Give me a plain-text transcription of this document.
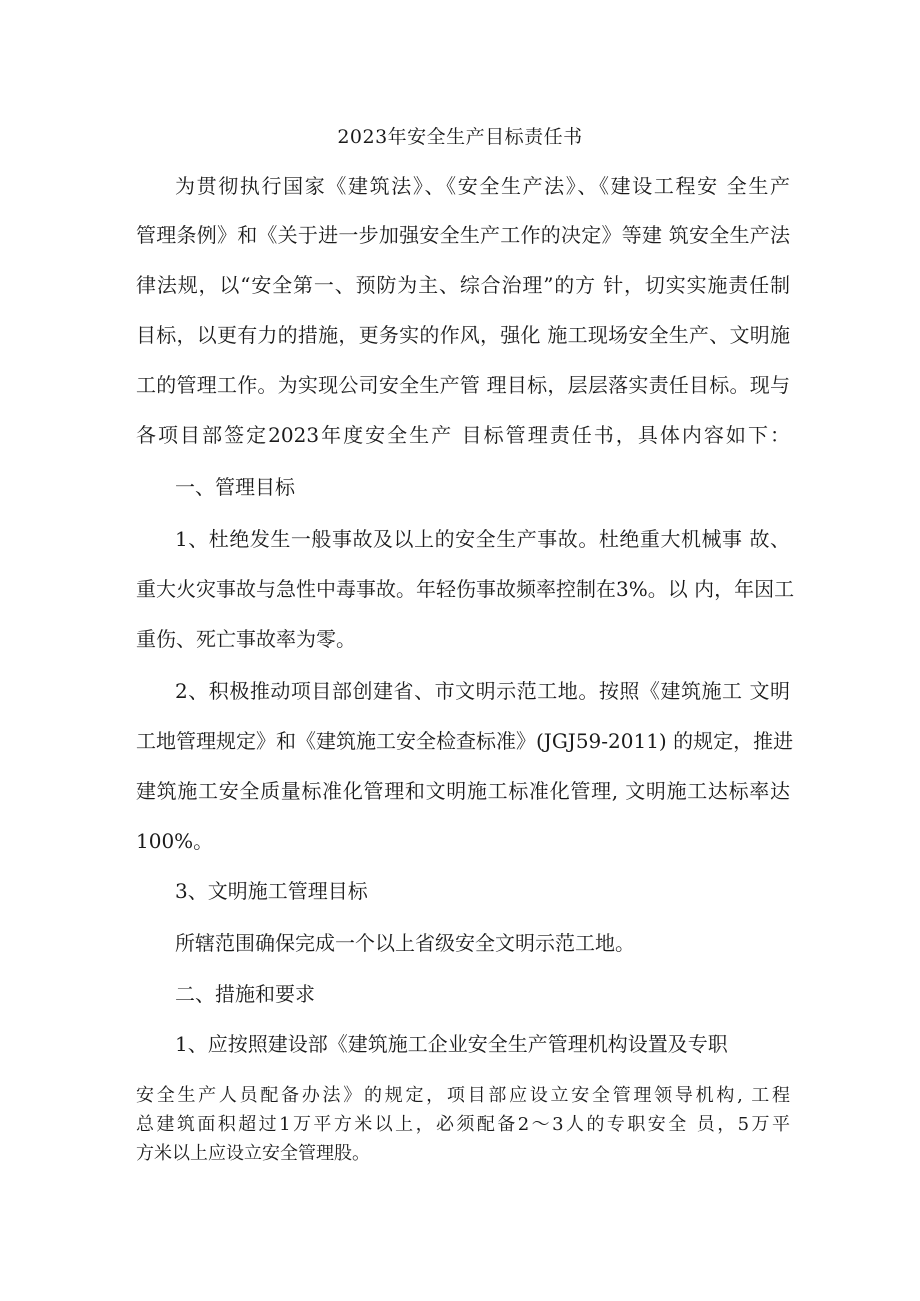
2023年安全生产目标责任书
为贯彻执行国家《建筑法》、《安全生产法》、《建设工程安 全生产
管理条例》和《关于进一步加强安全生产工作的决定》等建 筑安全生产法
律法规，以“安全第一、预防为主、综合治理”的方 针，切实实施责任制
目标，以更有力的措施，更务实的作风，强化 施工现场安全生产、文明施
工的管理工作。为实现公司安全生产管 理目标，层层落实责任目标。现与
各项目部签定2023年度安全生产 目标管理责任书，具体内容如下：
一、管理目标
1、杜绝发生一般事故及以上的安全生产事故。杜绝重大机械事 故、
重大火灾事故与急性中毒事故。年轻伤事故频率控制在3%。以 内，年因工
重伤、死亡事故率为零。
2、积极推动项目部创建省、市文明示范工地。按照《建筑施工 文明
工地管理规定》和《建筑施工安全检查标准》(JGJ59-2011) 的规定，推进
建筑施工安全质量标准化管理和文明施工标准化管理, 文明施工达标率达
100%。
3、文明施工管理目标
所辖范围确保完成一个以上省级安全文明示范工地。
二、措施和要求
1、应按照建设部《建筑施工企业安全生产管理机构设置及专职
安全生产人员配备办法》的规定，项目部应设立安全管理领导机构, 工程
总建筑面积超过1万平方米以上，必须配备2～3人的专职安全 员，5万平
方米以上应设立安全管理股。
